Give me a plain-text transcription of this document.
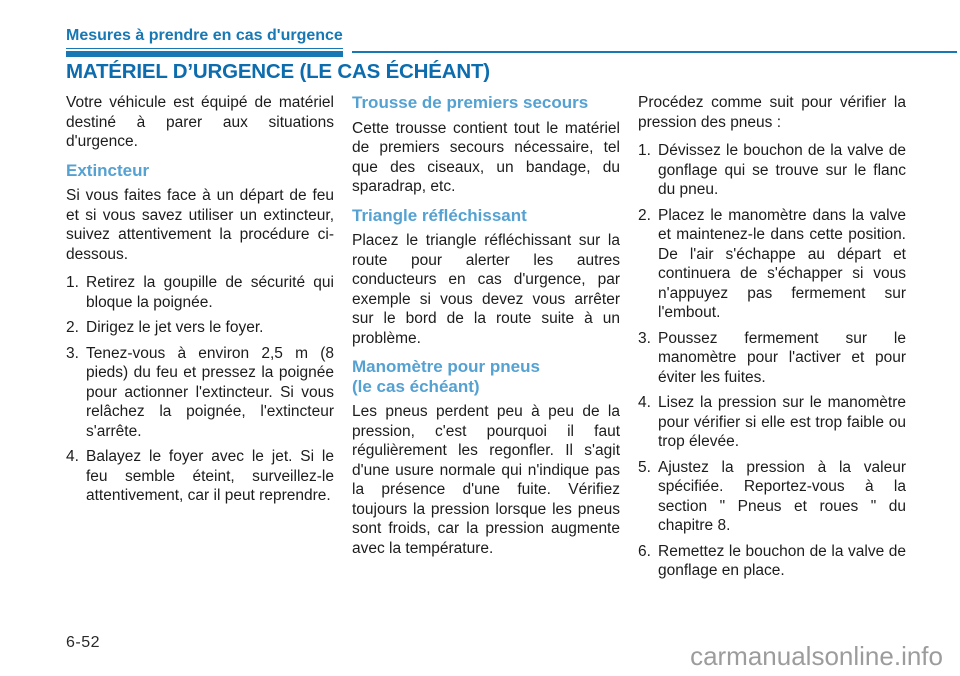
Mesures à prendre en cas d'urgence
MATÉRIEL D’URGENCE (LE CAS ÉCHÉANT)

Votre véhicule est équipé de matériel destiné à parer aux situations d'urgence.

Extincteur

Si vous faites face à un départ de feu et si vous savez utiliser un extincteur, suivez attentivement la procédure ci-dessous.

1. Retirez la goupille de sécurité qui bloque la poignée.
2. Dirigez le jet vers le foyer.
3. Tenez-vous à environ 2,5 m (8 pieds) du feu et pressez la poignée pour actionner l'extincteur. Si vous relâchez la poignée, l'extincteur s'arrête.
4. Balayez le foyer avec le jet. Si le feu semble éteint, surveillez-le attentivement, car il peut reprendre.
Trousse de premiers secours

Cette trousse contient tout le matériel de premiers secours nécessaire, tel que des ciseaux, un bandage, du sparadrap, etc.

Triangle réfléchissant

Placez le triangle réfléchissant sur la route pour alerter les autres conducteurs en cas d'urgence, par exemple si vous devez vous arrêter sur le bord de la route suite à un problème.

Manomètre pour pneus
(le cas échéant)

Les pneus perdent peu à peu de la pression, c'est pourquoi il faut régulièrement les regonfler. Il s'agit d'une usure normale qui n'indique pas la présence d'une fuite. Vérifiez toujours la pression lorsque les pneus sont froids, car la pression augmente avec la température.

Procédez comme suit pour vérifier la pression des pneus :

1. Dévissez le bouchon de la valve de gonflage qui se trouve sur le flanc du pneu.
2. Placez le manomètre dans la valve et maintenez-le dans cette position. De l'air s'échappe au départ et continuera de s'échapper si vous n'appuyez pas fermement sur l'embout.
3. Poussez fermement sur le manomètre pour l'activer et pour éviter les fuites.
4. Lisez la pression sur le manomètre pour vérifier si elle est trop faible ou trop élevée.
5. Ajustez la pression à la valeur spécifiée. Reportez-vous à la section " Pneus et roues " du chapitre 8.
6. Remettez le bouchon de la valve de gonflage en place.
6-52	carmanualsonline.info
